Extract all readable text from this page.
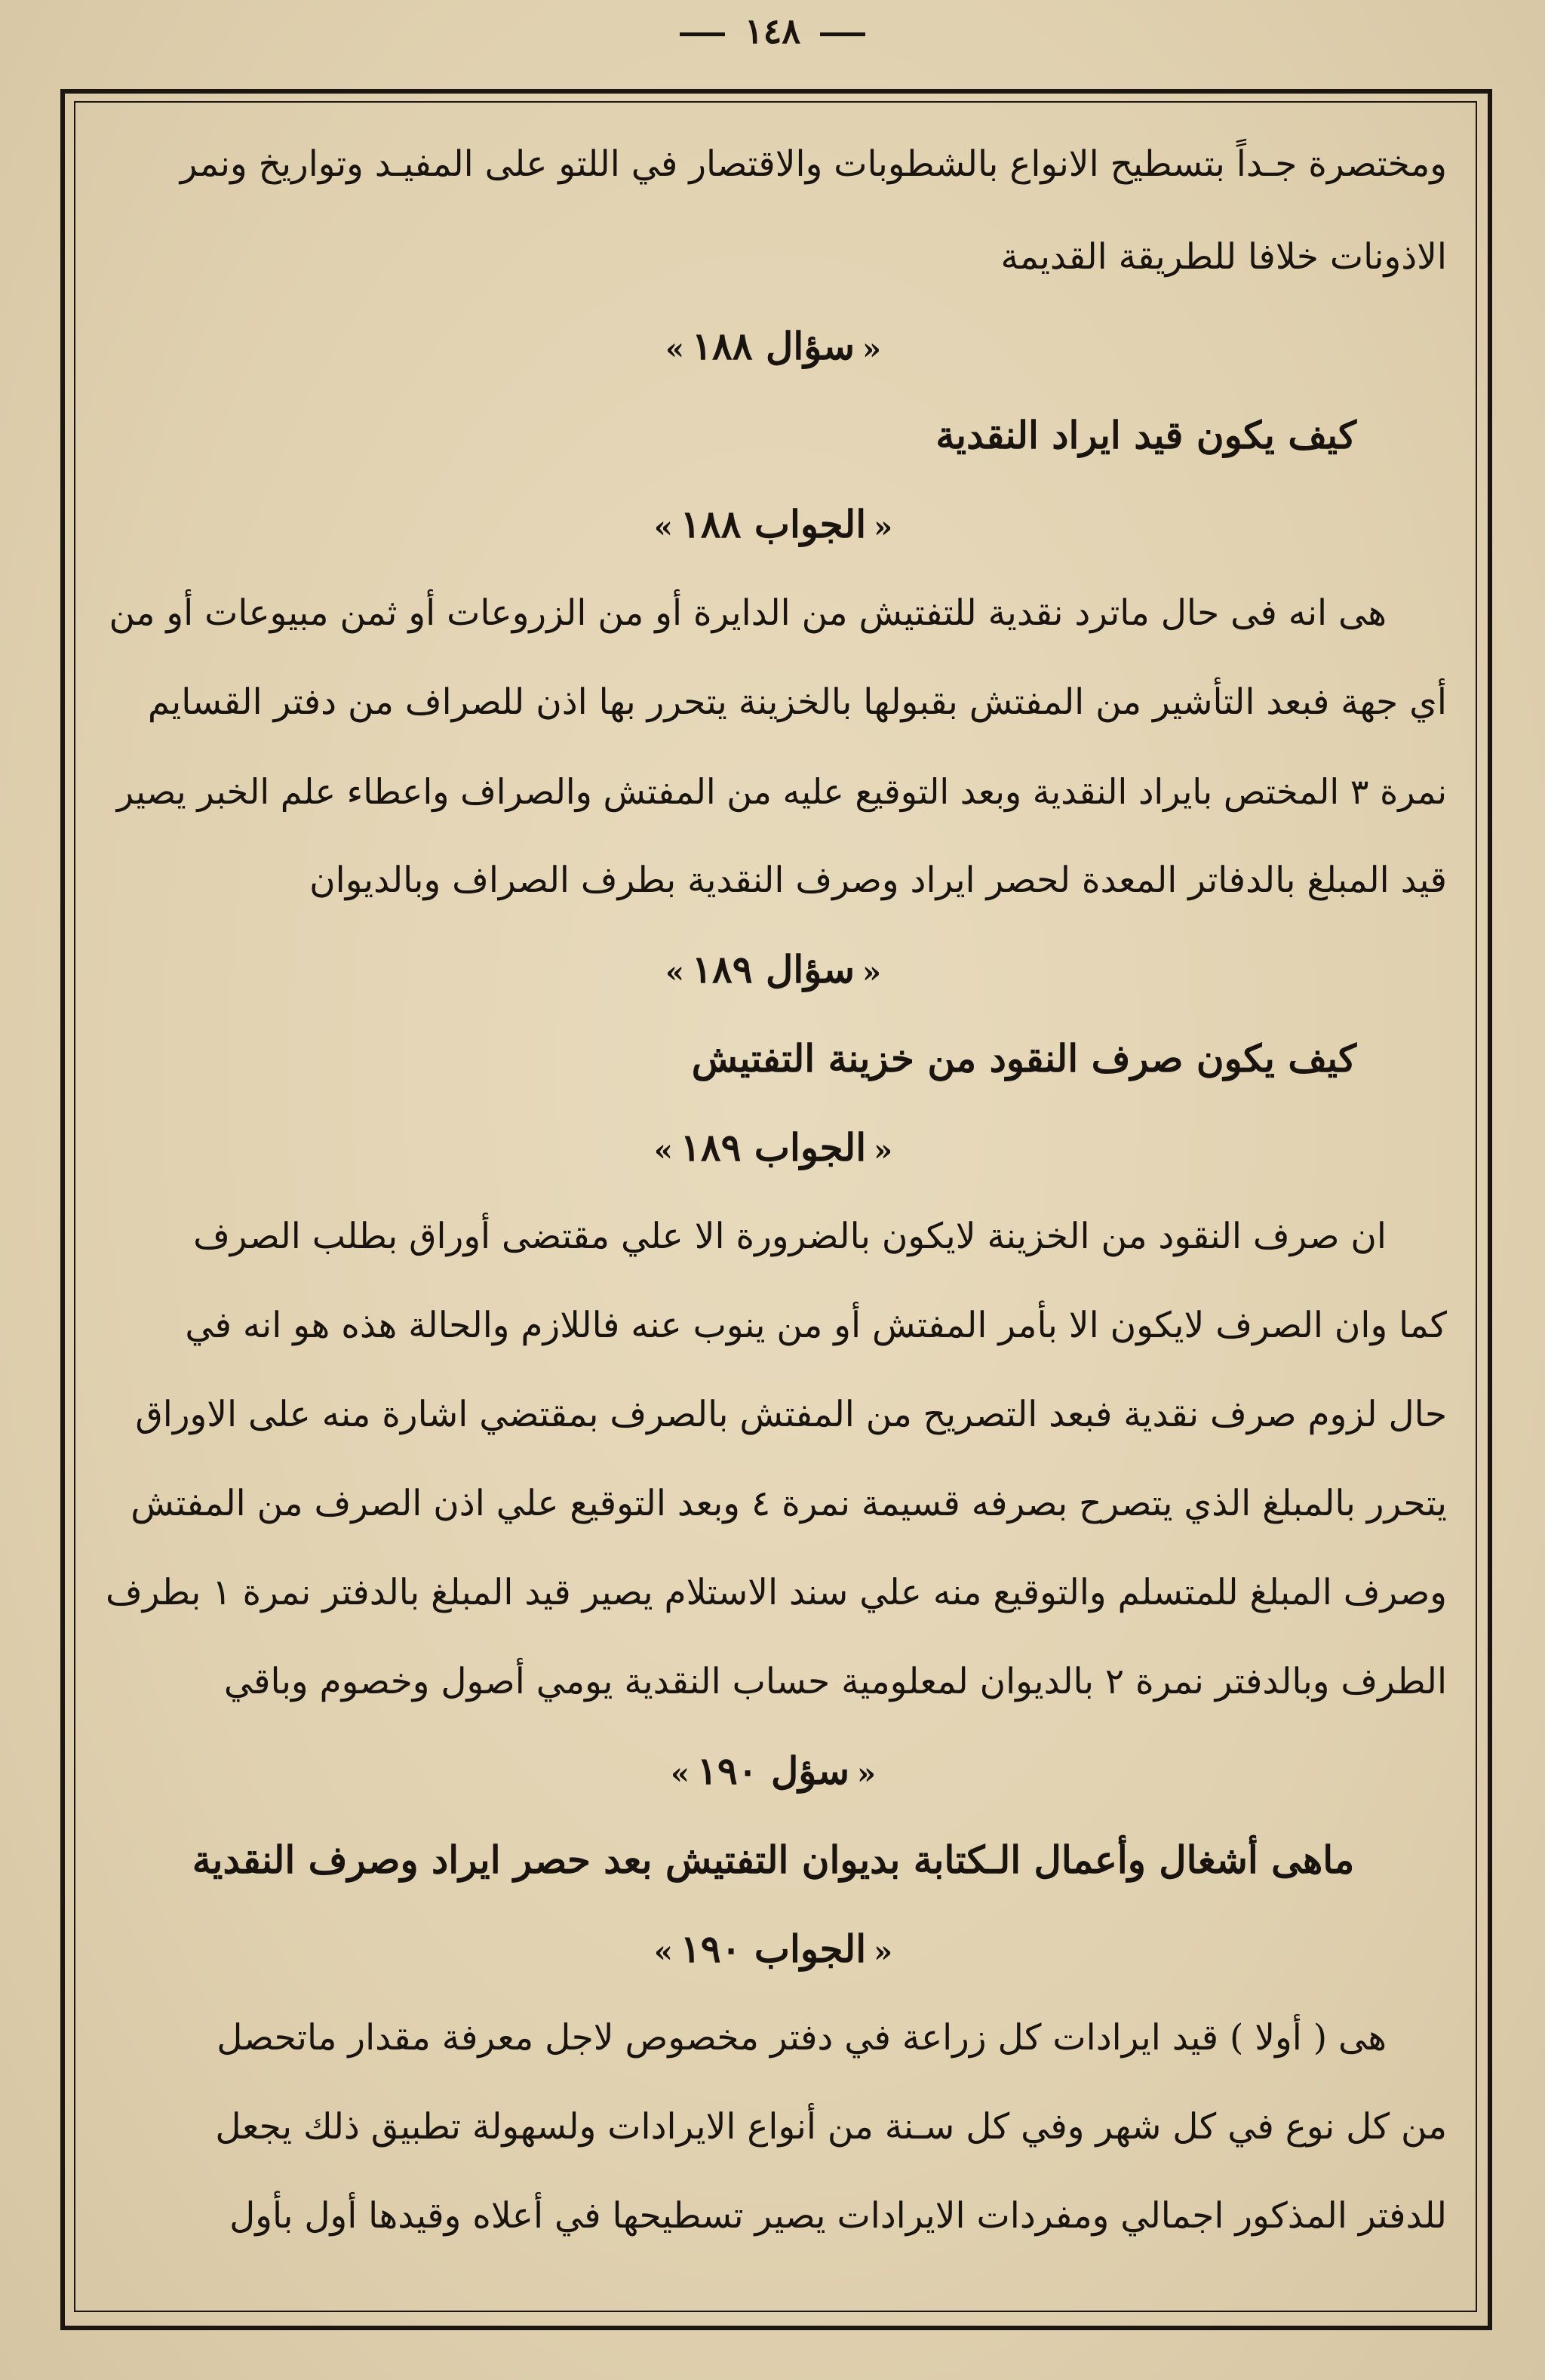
١٤٨
ومختصرة جـداً بتسطيح الانواع بالشطوبات والاقتصار في اللتو على المفيـد وتواريخ ونمر
الاذونات خلافا للطريقة القديمة
«سؤال ١٨٨»
كيف يكون قيد ايراد النقدية
«الجواب ١٨٨»
هى انه فى حال ماترد نقدية للتفتيش من الدايرة أو من الزروعات أو ثمن مبيوعات أو من
أي جهة فبعد التأشير من المفتش بقبولها بالخزينة يتحرر بها اذن للصراف من دفتر القسايم
نمرة ٣ المختص بايراد النقدية وبعد التوقيع عليه من المفتش والصراف واعطاء علم الخبر يصير
قيد المبلغ بالدفاتر المعدة لحصر ايراد وصرف النقدية بطرف الصراف وبالديوان
«سؤال ١٨٩»
كيف يكون صرف النقود من خزينة التفتيش
«الجواب ١٨٩»
ان صرف النقود من الخزينة لايكون بالضرورة الا علي مقتضى أوراق بطلب الصرف
كما وان الصرف لايكون الا بأمر المفتش أو من ينوب عنه فاللازم والحالة هذه هو انه في
حال لزوم صرف نقدية فبعد التصريح من المفتش بالصرف بمقتضي اشارة منه على الاوراق
يتحرر بالمبلغ الذي يتصرح بصرفه قسيمة نمرة ٤ وبعد التوقيع علي اذن الصرف من المفتش
وصرف المبلغ للمتسلم والتوقيع منه علي سند الاستلام يصير قيد المبلغ بالدفتر نمرة ١ بطرف
الطرف وبالدفتر نمرة ٢ بالديوان لمعلومية حساب النقدية يومي أصول وخصوم وباقي
«سؤل ١٩٠»
ماهى أشغال وأعمال الـكتابة بديوان التفتيش بعد حصر ايراد وصرف النقدية
«الجواب ١٩٠»
هى ( أولا ) قيد ايرادات كل زراعة في دفتر مخصوص لاجل معرفة مقدار ماتحصل
من كل نوع في كل شهر وفي كل سـنة من أنواع الايرادات ولسهولة تطبيق ذلك يجعل
للدفتر المذكور اجمالي ومفردات الايرادات يصير تسطيحها في أعلاه وقيدها أول بأول
